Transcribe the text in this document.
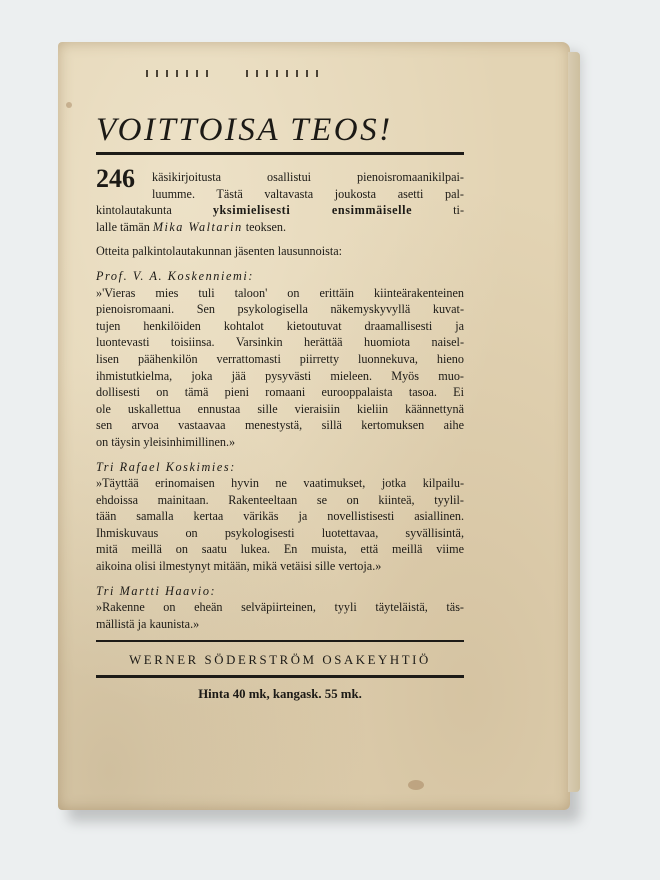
VOITTOISA TEOS!
246 käsikirjoitusta osallistui pienoisromaanikilpai-
luumme. Tästä valtavasta joukosta asetti pal-
kintolautakunta	yksimielisesti ensimmäiselle	ti-
lalle tämän Mika Waltarin teoksen.

Otteita palkintolautakunnan jäsenten lausunnoista:

Prof. V. A. Koskenniemi:
»'Vieras mies tuli taloon' on erittäin kiinteärakenteinen
pienoisromaani. Sen psykologisella näkemyskyvyllä kuvat-
tujen henkilöiden kohtalot kietoutuvat draamallisesti ja
luontevasti toisiinsa. Varsinkin herättää huomiota naisel-
lisen päähenkilön verrattomasti piirretty luonnekuva, hieno
ihmistutkielma, joka jää pysyvästi mieleen. Myös muo-
dollisesti on tämä pieni romaani eurooppalaista tasoa. Ei
ole uskallettua ennustaa sille vieraisiin kieliin käännettynä
sen arvoa vastaavaa menestystä, sillä kertomuksen aihe
on täysin yleisinhimillinen.»
Tri Rafael Koskimies:
»Täyttää erinomaisen hyvin ne vaatimukset, jotka kilpailu-
ehdoissa mainitaan. Rakenteeltaan se on kiinteä, tyylil-
tään samalla kertaa värikäs ja novellistisesti asiallinen.
Ihmiskuvaus on psykologisesti luotettavaa, syvällisintä,
mitä meillä on saatu lukea. En muista, että meillä viime
aikoina olisi ilmestynyt mitään, mikä vetäisi sille vertoja.»
Tri Martti Haavio:
»Rakenne on eheän selväpiirteinen, tyyli täyteläistä, täs-
mällistä ja kaunista.»
WERNER SÖDERSTRÖM OSAKEYHTIÖ
Hinta 40 mk, kangask. 55 mk.
